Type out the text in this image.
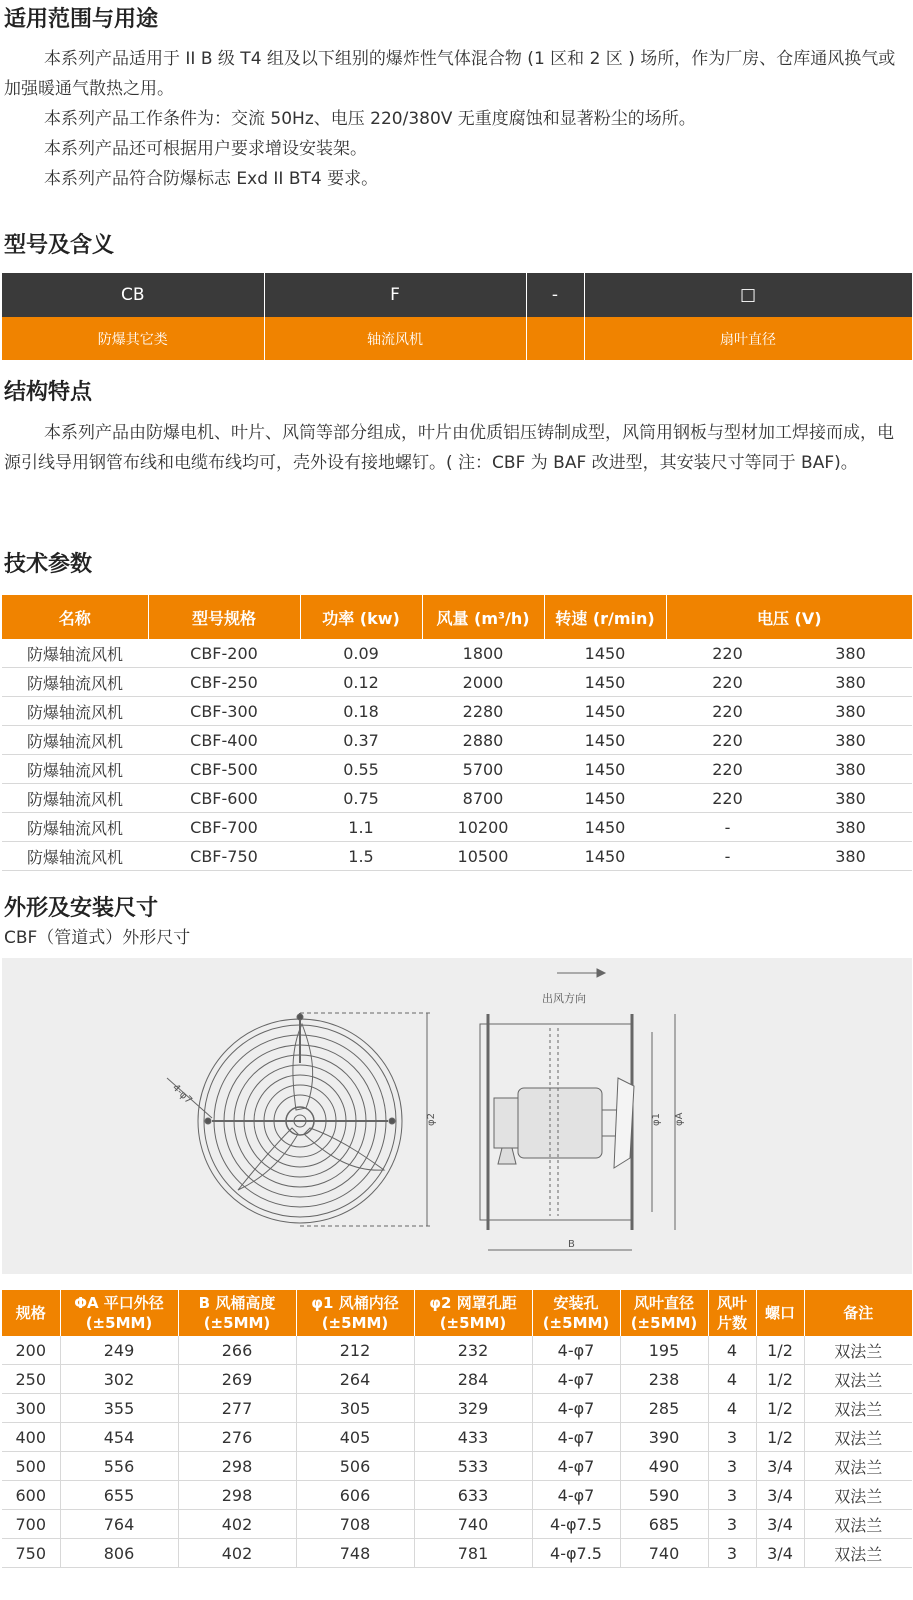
适用范围与用途
本系列产品适用于 II B 级 T4 组及以下组别的爆炸性气体混合物 (1 区和 2 区 ) 场所，作为厂房、仓库通风换气或加强暖通气散热之用。
本系列产品工作条件为：交流 50Hz、电压 220/380V 无重度腐蚀和显著粉尘的场所。
本系列产品还可根据用户要求增设安装架。
本系列产品符合防爆标志 Exd II BT4 要求。
型号及含义
CB	F	-	□
防爆其它类	轴流风机		扇叶直径
结构特点
本系列产品由防爆电机、叶片、风筒等部分组成，叶片由优质铝压铸制成型，风筒用钢板与型材加工焊接而成，电源引线导用钢管布线和电缆布线均可，壳外设有接地螺钉。( 注：CBF 为 BAF 改进型，其安装尺寸等同于 BAF)。
技术参数
名称	型号规格	功率 (kw)	风量 (m³/h)	转速 (r/min)	电压 (V)	
防爆轴流风机	CBF-200	0.09	1800	1450	220	380
防爆轴流风机	CBF-250	0.12	2000	1450	220	380
防爆轴流风机	CBF-300	0.18	2280	1450	220	380
防爆轴流风机	CBF-400	0.37	2880	1450	220	380
防爆轴流风机	CBF-500	0.55	5700	1450	220	380
防爆轴流风机	CBF-600	0.75	8700	1450	220	380
防爆轴流风机	CBF-700	1.1	10200	1450	-	380
防爆轴流风机	CBF-750	1.5	10500	1450	-	380
外形及安装尺寸
CBF（管道式）外形尺寸
出风方向
4-φ7
φ2	φ1 φA
B
规格	ΦA 平口外径 (±5MM)	B 风桶高度 (±5MM)	φ1 风桶内径 (±5MM)	φ2 网罩孔距 (±5MM)	安装孔 (±5MM)	风叶直径 (±5MM)	风叶 片数	螺口	备注
200	249	266	212	232	4-φ7	195	4	1/2	双法兰
250	302	269	264	284	4-φ7	238	4	1/2	双法兰
300	355	277	305	329	4-φ7	285	4	1/2	双法兰
400	454	276	405	433	4-φ7	390	3	1/2	双法兰
500	556	298	506	533	4-φ7	490	3	3/4	双法兰
600	655	298	606	633	4-φ7	590	3	3/4	双法兰
700	764	402	708	740	4-φ7.5	685	3	3/4	双法兰
750	806	402	748	781	4-φ7.5	740	3	3/4	双法兰
